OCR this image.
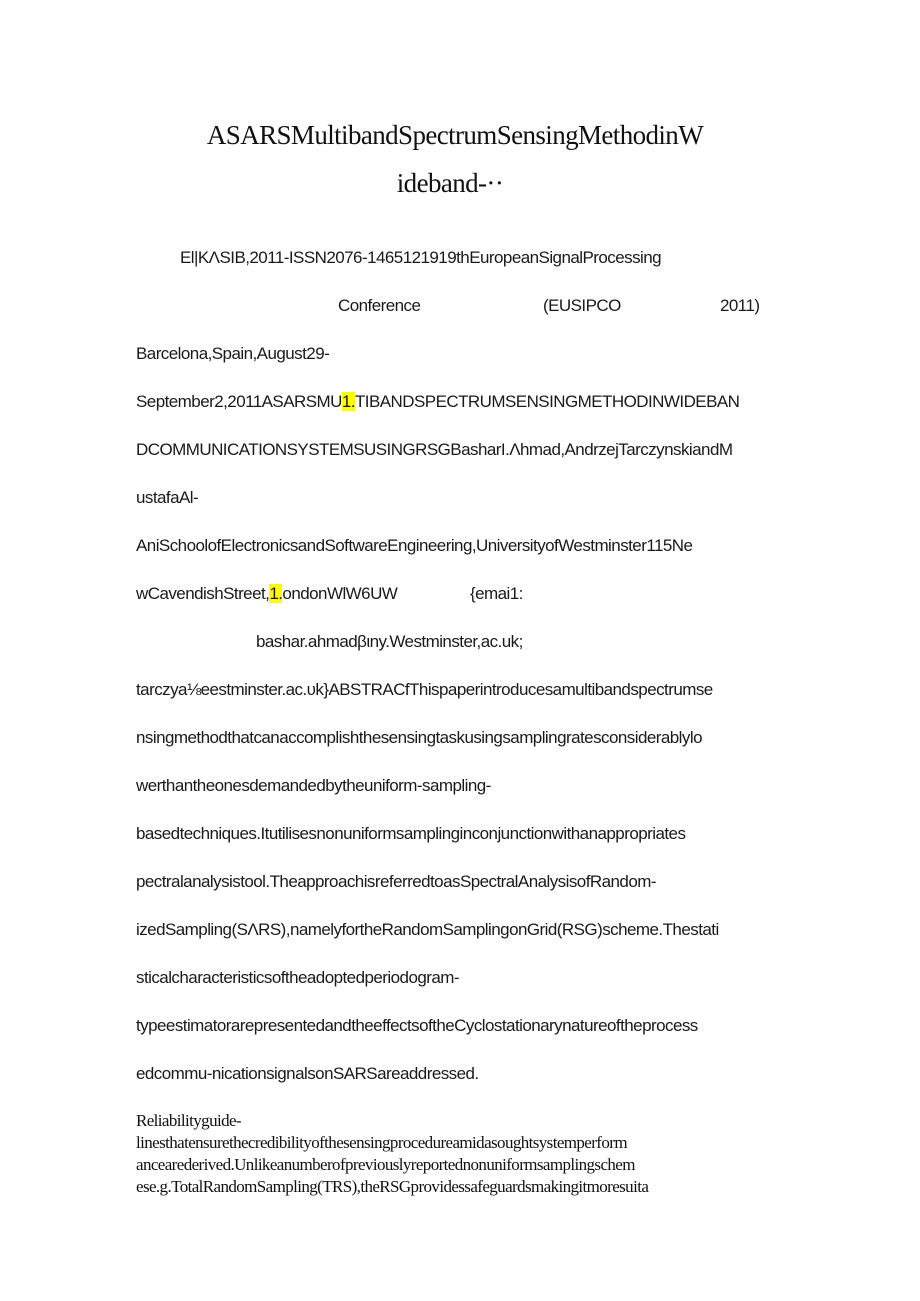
ASARSMultibandSpectrumSensingMethodinW
ideband-··
El|KΛSIB,2011-ISSN2076-1465121919thEuropeanSignalProcessing
Conference	(EUSIPCO	2011)
Barcelona,Spain,August29-
September2,2011ASARSMU1.TIBANDSPECTRUMSENSINGMETHODINWIDEBAN
DCOMMUNICATIONSYSTEMSUSINGRSGBasharI.Λhmad,AndrzejTarczynskiandM
ustafaAl-
AniSchoolofElectronicsandSoftwareEngineering,UniversityofWestminster115Ne
wCavendishStreet,1.ondonWlW6UW	{emai1:
bashar.ahmadβιny.Westminster,ac.uk;
tarczya⅛eestminster.ac.υk}ABSTRACfThispaperintroducesamultibandspectrumse
nsingmethodthatcanaccomplishthesensingtaskusingsamplingratesconsiderablylo
werthantheonesdemandedbytheuniform-sampling-
basedtechniques.Itutilisesnonuniformsamplinginconjunctionwithanappropriates
pectralanalysistool.TheapproachisreferredtoasSpectralAnalysisofRandom-
izedSampling(SΛRS),namelyfortheRandomSamplingonGrid(RSG)scheme.Thestati
sticalcharacteristicsoftheadoptedperiodogram-
typeestimatorarepresentedandtheeffectsoftheCyclostationarynatureoftheprocess
edcommu-nicationsignalsonSARSareaddressed.
Reliabilityguide-
linesthatensurethecredibilityofthesensingprocedureamidasoughtsystemperform
ancearederived.Unlikeanumberofpreviouslyreportednonuniformsamplingschem
ese.g.TotalRandomSampling(TRS),theRSGprovidessafeguardsmakingitmoresuita
